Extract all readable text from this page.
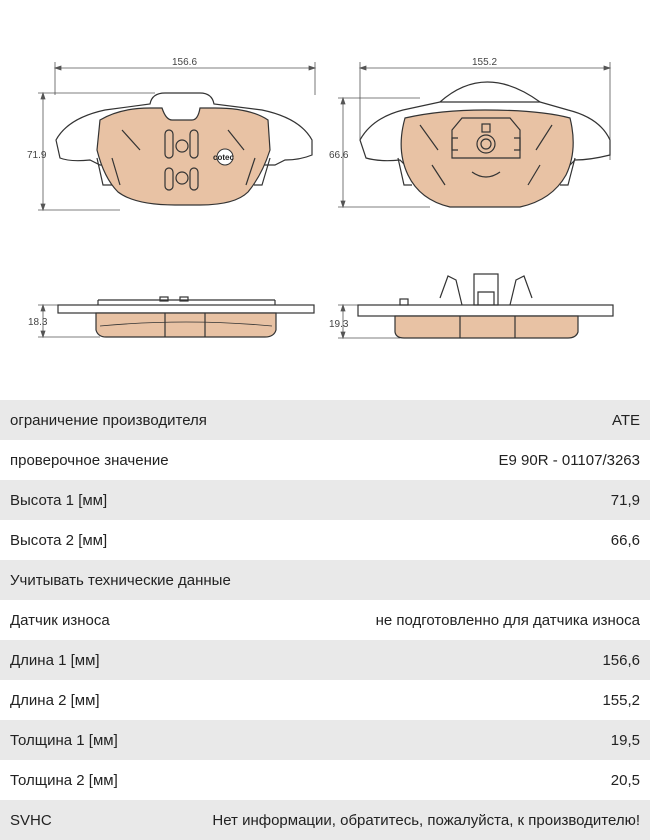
156.6
71.9	cotec
155.2
66.6
18.3	19.3
ограничение производителя	ATE
проверочное значение	E9 90R - 01107/3263
Высота 1 [мм]	71,9
Высота 2 [мм]	66,6
Учитывать технические данные
Датчик износа	не подготовленно для датчика износа
Длина 1 [мм]	156,6
Длина 2 [мм]	155,2
Толщина 1 [мм]	19,5
Толщина 2 [мм]	20,5
SVHC	Нет информации, обратитесь, пожалуйста, к производителю!
